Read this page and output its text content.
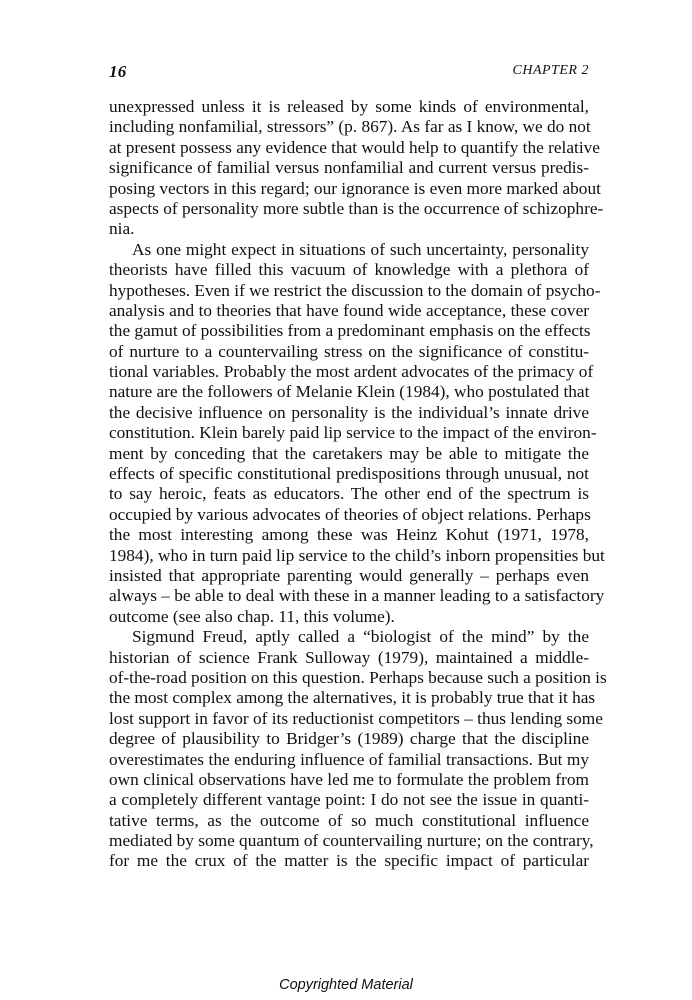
16	CHAPTER 2
unexpressed unless it is released by some kinds of environmental,
including nonfamilial, stressors” (p. 867). As far as I know, we do not
at present possess any evidence that would help to quantify the relative
significance of familial versus nonfamilial and current versus predis-
posing vectors in this regard; our ignorance is even more marked about
aspects of personality more subtle than is the occurrence of schizophre-
nia.
As one might expect in situations of such uncertainty, personality
theorists have filled this vacuum of knowledge with a plethora of
hypotheses. Even if we restrict the discussion to the domain of psycho-
analysis and to theories that have found wide acceptance, these cover
the gamut of possibilities from a predominant emphasis on the effects
of nurture to a countervailing stress on the significance of constitu-
tional variables. Probably the most ardent advocates of the primacy of
nature are the followers of Melanie Klein (1984), who postulated that
the decisive influence on personality is the individual’s innate drive
constitution. Klein barely paid lip service to the impact of the environ-
ment by conceding that the caretakers may be able to mitigate the
effects of specific constitutional predispositions through unusual, not
to say heroic, feats as educators. The other end of the spectrum is
occupied by various advocates of theories of object relations. Perhaps
the most interesting among these was Heinz Kohut (1971, 1978,
1984), who in turn paid lip service to the child’s inborn propensities but
insisted that appropriate parenting would generally – perhaps even
always – be able to deal with these in a manner leading to a satisfactory
outcome (see also chap. 11, this volume).
Sigmund Freud, aptly called a “biologist of the mind” by the
historian of science Frank Sulloway (1979), maintained a middle-
of-the-road position on this question. Perhaps because such a position is
the most complex among the alternatives, it is probably true that it has
lost support in favor of its reductionist competitors – thus lending some
degree of plausibility to Bridger’s (1989) charge that the discipline
overestimates the enduring influence of familial transactions. But my
own clinical observations have led me to formulate the problem from
a completely different vantage point: I do not see the issue in quanti-
tative terms, as the outcome of so much constitutional influence
mediated by some quantum of countervailing nurture; on the contrary,
for me the crux of the matter is the specific impact of particular
Copyrighted Material
